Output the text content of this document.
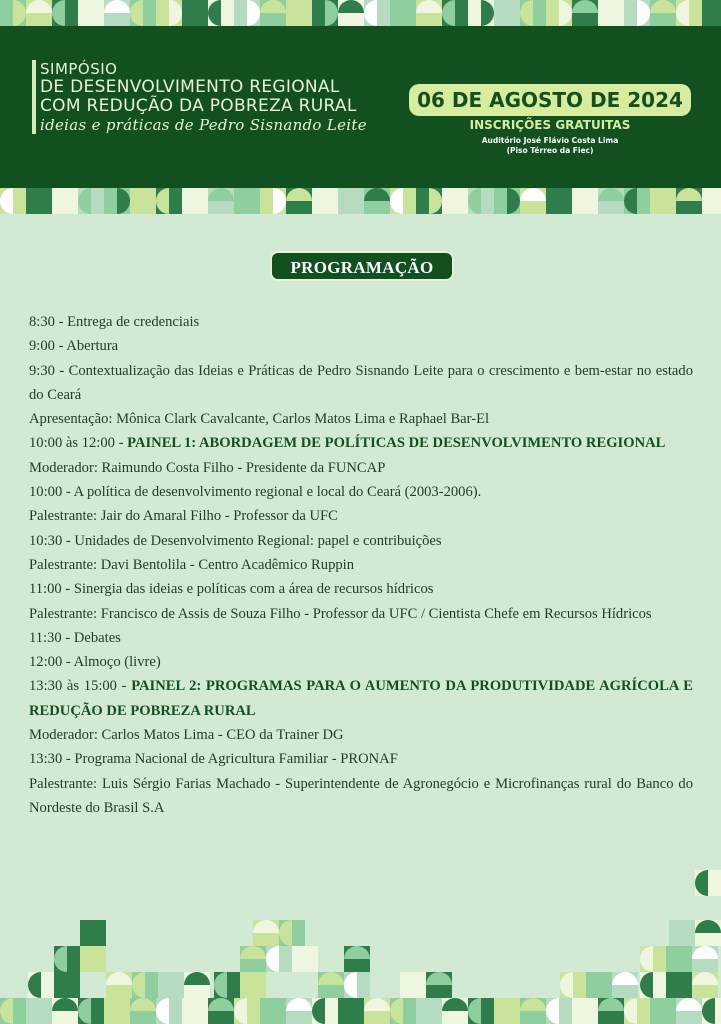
SIMPÓSIO
DE DESENVOLVIMENTO REGIONAL
COM REDUÇÃO DA POBREZA RURAL
ideias e práticas de Pedro Sisnando Leite
06 DE AGOSTO DE 2024
INSCRIÇÕES GRATUITAS
Auditório José Flávio Costa Lima
(Piso Térreo da Fiec)
PROGRAMAÇÃO
8:30 - Entrega de credenciais
9:00 - Abertura
9:30 - Contextualização das Ideias e Práticas de Pedro Sisnando Leite para o crescimento e bem-estar no estado do Ceará
Apresentação: Mônica Clark Cavalcante, Carlos Matos Lima e Raphael Bar-El
10:00 às 12:00 - PAINEL 1: ABORDAGEM DE POLÍTICAS DE DESENVOLVIMENTO REGIONAL
Moderador: Raimundo Costa Filho - Presidente da FUNCAP
10:00 - A política de desenvolvimento regional e local do Ceará (2003-2006).
Palestrante: Jair do Amaral Filho - Professor da UFC
10:30 - Unidades de Desenvolvimento Regional: papel e contribuições
Palestrante: Davi Bentolila - Centro Acadêmico Ruppin
11:00 - Sinergia das ideias e políticas com a área de recursos hídricos
Palestrante: Francisco de Assis de Souza Filho - Professor da UFC / Cientista Chefe em Recursos Hídricos
11:30 - Debates
12:00 - Almoço (livre)
13:30 às 15:00 - PAINEL 2: PROGRAMAS PARA O AUMENTO DA PRODUTIVIDADE AGRÍCOLA E REDUÇÃO DE POBREZA RURAL
Moderador: Carlos Matos Lima - CEO da Trainer DG
13:30 - Programa Nacional de Agricultura Familiar - PRONAF
Palestrante: Luis Sérgio Farias Machado - Superintendente de Agronegócio e Microfinanças rural do Banco do Nordeste do Brasil S.A
